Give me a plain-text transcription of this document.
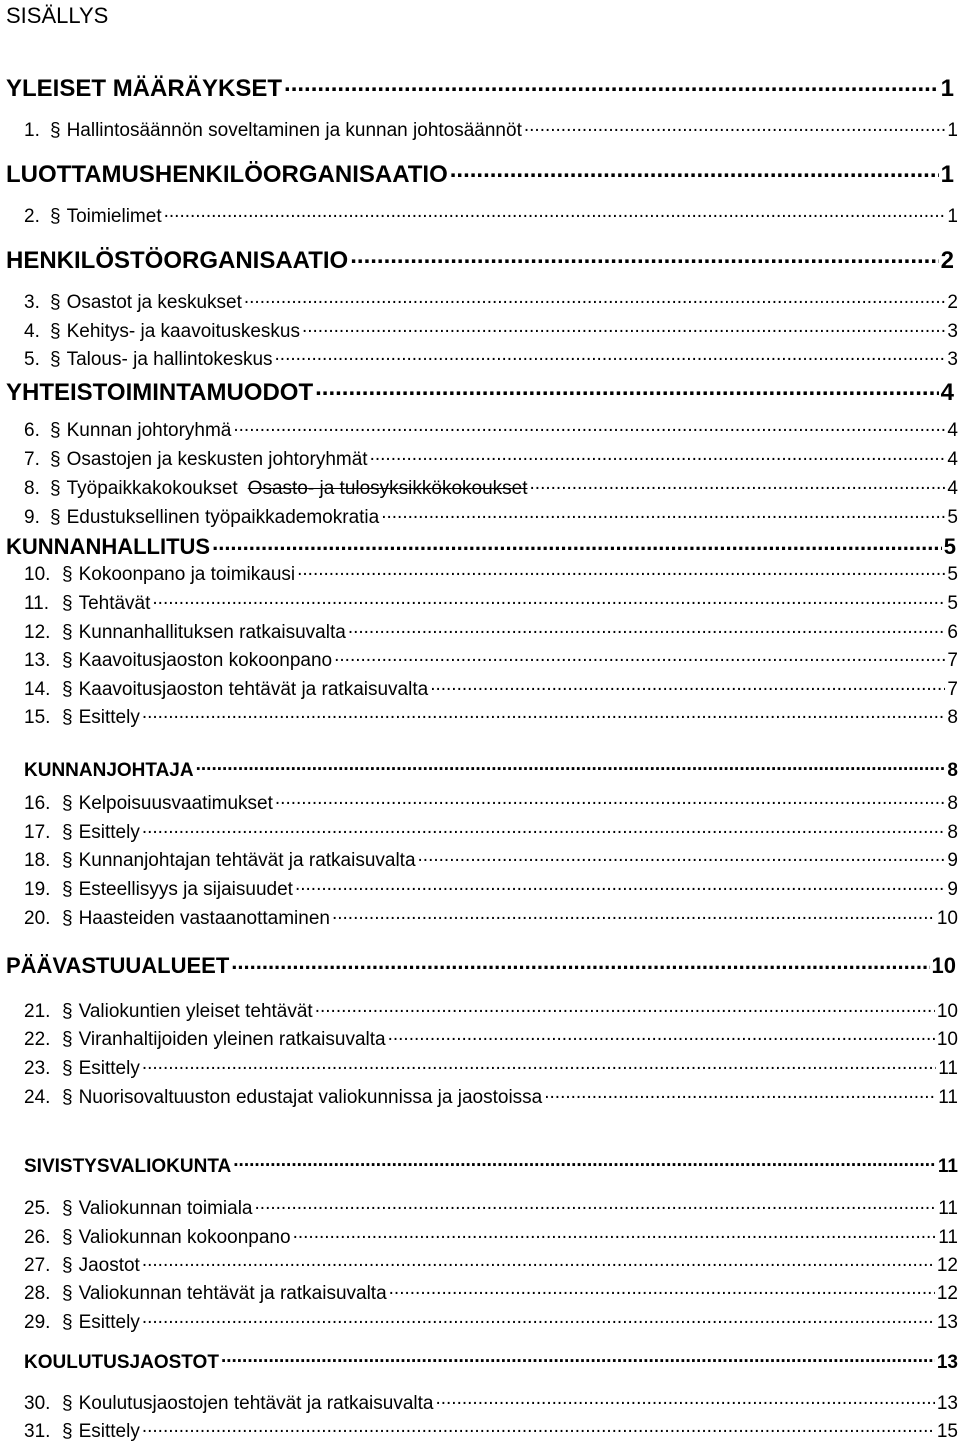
SISÄLLYS
YLEISET MÄÄRÄYKSET .....	1
1. § Hallintosäännön soveltaminen ja kunnan johtosäännöt .....	1
LUOTTAMUSHENKILÖORGANISAATIO .....	1
2. § Toimielimet .....	1
HENKILÖSTÖORGANISAATIO .....	2
3. § Osastot ja keskukset .....	2
4. § Kehitys- ja kaavoituskeskus .....	3
5. § Talous- ja hallintokeskus .....	3
YHTEISTOIMINTAMUODOT .....	4
6. § Kunnan johtoryhmä .....	4
7. § Osastojen ja keskusten johtoryhmät .....	4
8. § Työpaikkakokoukset Osasto- ja tulosyksikkökokoukset .....	4
9. § Edustuksellinen työpaikkademokratia .....	5
KUNNANHALLITUS .....	5
10. § Kokoonpano ja toimikausi .....	5
11. § Tehtävät .....	5
12. § Kunnanhallituksen ratkaisuvalta .....	6
13. § Kaavoitusjaoston kokoonpano .....	7
14. § Kaavoitusjaoston tehtävät ja ratkaisuvalta .....	7
15. § Esittely .....	8
KUNNANJOHTAJA .....	8
16. § Kelpoisuusvaatimukset .....	8
17. § Esittely .....	8
18. § Kunnanjohtajan tehtävät ja ratkaisuvalta .....	9
19. § Esteellisyys ja sijaisuudet .....	9
20. § Haasteiden vastaanottaminen .....	10
PÄÄVASTUUALUEET .....	10
21. § Valiokuntien yleiset tehtävät .....	10
22. § Viranhaltijoiden yleinen ratkaisuvalta .....	10
23. § Esittely .....	11
24. § Nuorisovaltuuston edustajat valiokunnissa ja jaostoissa .....	11
SIVISTYSVALIOKUNTA .....	11
25. § Valiokunnan toimiala .....	11
26. § Valiokunnan kokoonpano .....	11
27. § Jaostot .....	12
28. § Valiokunnan tehtävät ja ratkaisuvalta .....	12
29. § Esittely .....	13
KOULUTUSJAOSTOT .....	13
30. § Koulutusjaostojen tehtävät ja ratkaisuvalta .....	13
31. § Esittely .....	15
